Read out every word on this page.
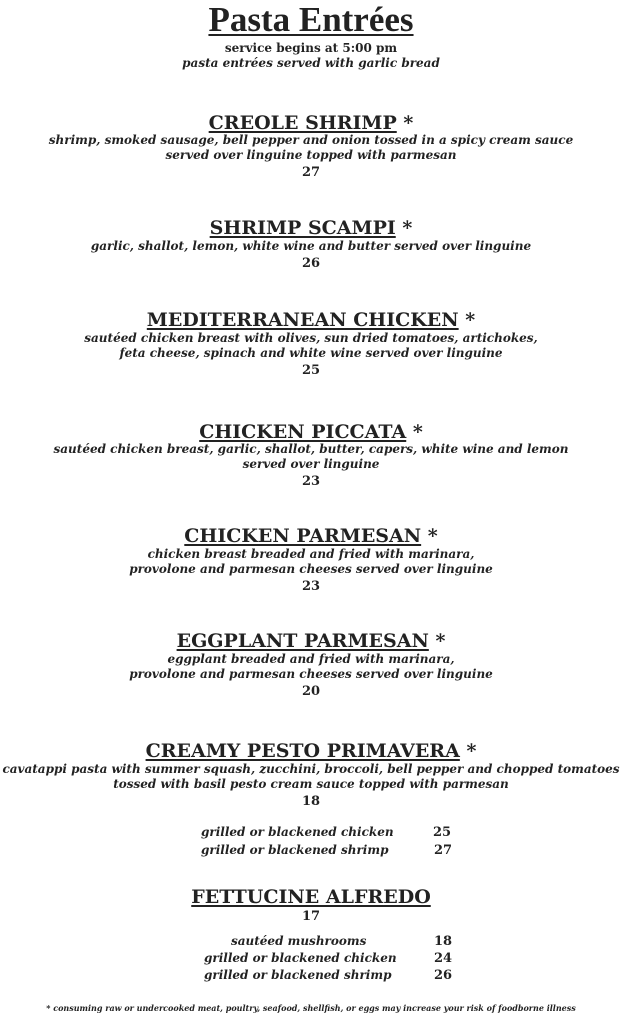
Pasta Entrées
service begins at 5:00 pm
pasta entrées served with garlic bread
CREOLE SHRIMP *
shrimp, smoked sausage, bell pepper and onion tossed in a spicy cream sauce
served over linguine topped with parmesan
27
SHRIMP SCAMPI *
garlic, shallot, lemon, white wine and butter served over linguine
26
MEDITERRANEAN CHICKEN *
sautéed chicken breast with olives, sun dried tomatoes, artichokes,
feta cheese, spinach and white wine served over linguine
25
CHICKEN PICCATA *
sautéed chicken breast, garlic, shallot, butter, capers, white wine and lemon
served over linguine
23
CHICKEN PARMESAN *
chicken breast breaded and fried with marinara,
provolone and parmesan cheeses served over linguine
23
EGGPLANT PARMESAN *
eggplant breaded and fried with marinara,
provolone and parmesan cheeses served over linguine
20
CREAMY PESTO PRIMAVERA *
cavatappi pasta with summer squash, zucchini, broccoli, bell pepper and chopped tomatoes
tossed with basil pesto cream sauce topped with parmesan
18
grilled or blackened chicken	25
grilled or blackened shrimp	27
FETTUCINE ALFREDO
17
sautéed mushrooms	18
grilled or blackened chicken	24
grilled or blackened shrimp	26
* consuming raw or undercooked meat, poultry, seafood, shellfish, or eggs may increase your risk of foodborne illness
